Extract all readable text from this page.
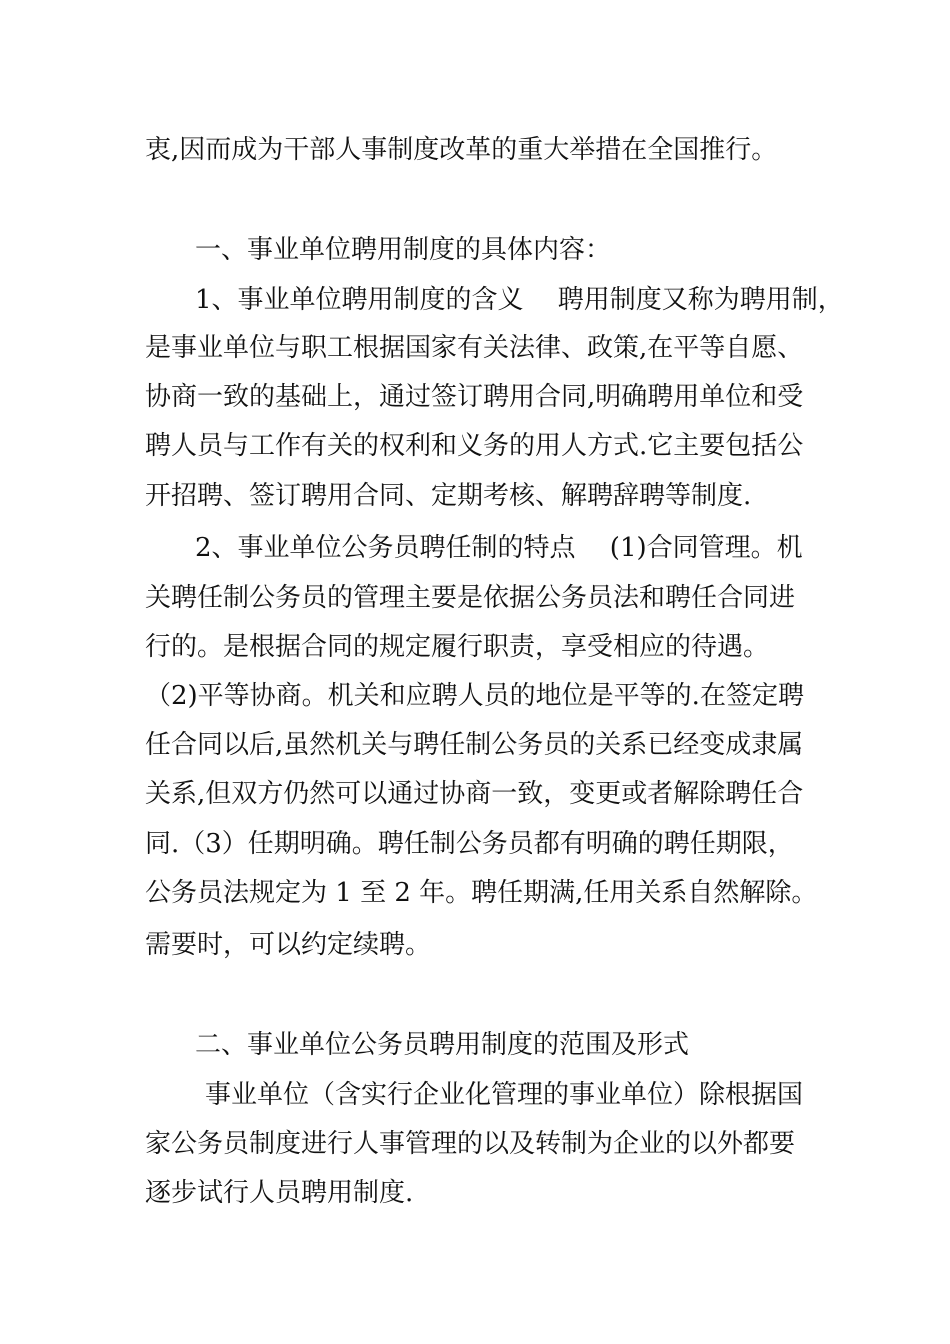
衷,因而成为干部人事制度改革的重大举措在全国推行。
一、事业单位聘用制度的具体内容：
1、事业单位聘用制度的含义　 聘用制度又称为聘用制，
是事业单位与职工根据国家有关法律、政策,在平等自愿、
协商一致的基础上，通过签订聘用合同,明确聘用单位和受
聘人员与工作有关的权利和义务的用人方式.它主要包括公
开招聘、签订聘用合同、定期考核、解聘辞聘等制度.
2、事业单位公务员聘任制的特点　 (1)合同管理。机
关聘任制公务员的管理主要是依据公务员法和聘任合同进
行的。是根据合同的规定履行职责，享受相应的待遇。
（2)平等协商。机关和应聘人员的地位是平等的.在签定聘
任合同以后,虽然机关与聘任制公务员的关系已经变成隶属
关系,但双方仍然可以通过协商一致，变更或者解除聘任合
同.（3）任期明确。聘任制公务员都有明确的聘任期限，
公务员法规定为 1 至 2 年。聘任期满,任用关系自然解除。
需要时，可以约定续聘。
二、事业单位公务员聘用制度的范围及形式
事业单位（含实行企业化管理的事业单位）除根据国
家公务员制度进行人事管理的以及转制为企业的以外都要
逐步试行人员聘用制度.
